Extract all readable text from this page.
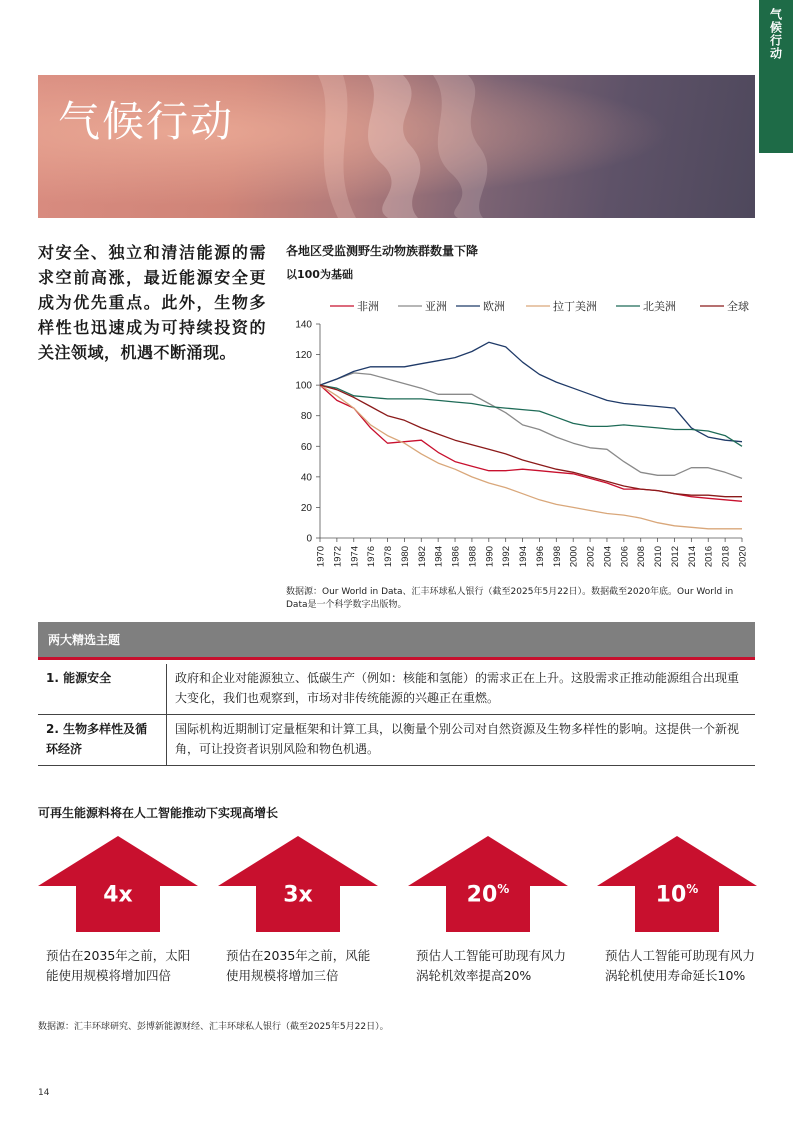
气候行动
气候行动
对安全、独立和清洁能源的需求空前高涨，最近能源安全更成为优先重点。此外，生物多样性也迅速成为可持续投资的关注领域，机遇不断涌现。
各地区受监测野生动物族群数量下降
以100为基础
0
20
40
60
80
100
120
140
1970 1972 1974 1976 1978 1980 1982 1984 1986 1988 1990 1992 1994 1996 1998 2000 2002 2004 2006 2008 2010 2012 2014 2016 2018 2020
非洲	亚洲	欧洲	拉丁美洲	北美洲	全球
数据源：Our World in Data、汇丰环球私人银行（截至2025年5月22日）。数据截至2020年底。Our World in Data是一个科学数字出版物。
两大精选主题
1. 能源安全	政府和企业对能源独立、低碳生产（例如：核能和氢能）的需求正在上升。这股需求正推动能源组合出现重大变化，我们也观察到，市场对非传统能源的兴趣正在重燃。
2. 生物多样性及循环经济	国际机构近期制订定量框架和计算工具，以衡量个别公司对自然资源及生物多样性的影响。这提供一个新视角，可让投资者识别风险和物色机遇。
可再生能源料将在人工智能推动下实现高增长
4x
预估在2035年之前，太阳能使用规模将增加四倍
3x
预估在2035年之前，风能使用规模将增加三倍
20%
预估人工智能可助现有风力涡轮机效率提高20%
10%
预估人工智能可助现有风力涡轮机使用寿命延长10%
数据源：汇丰环球研究、彭博新能源财经、汇丰环球私人银行（截至2025年5月22日）。
14
